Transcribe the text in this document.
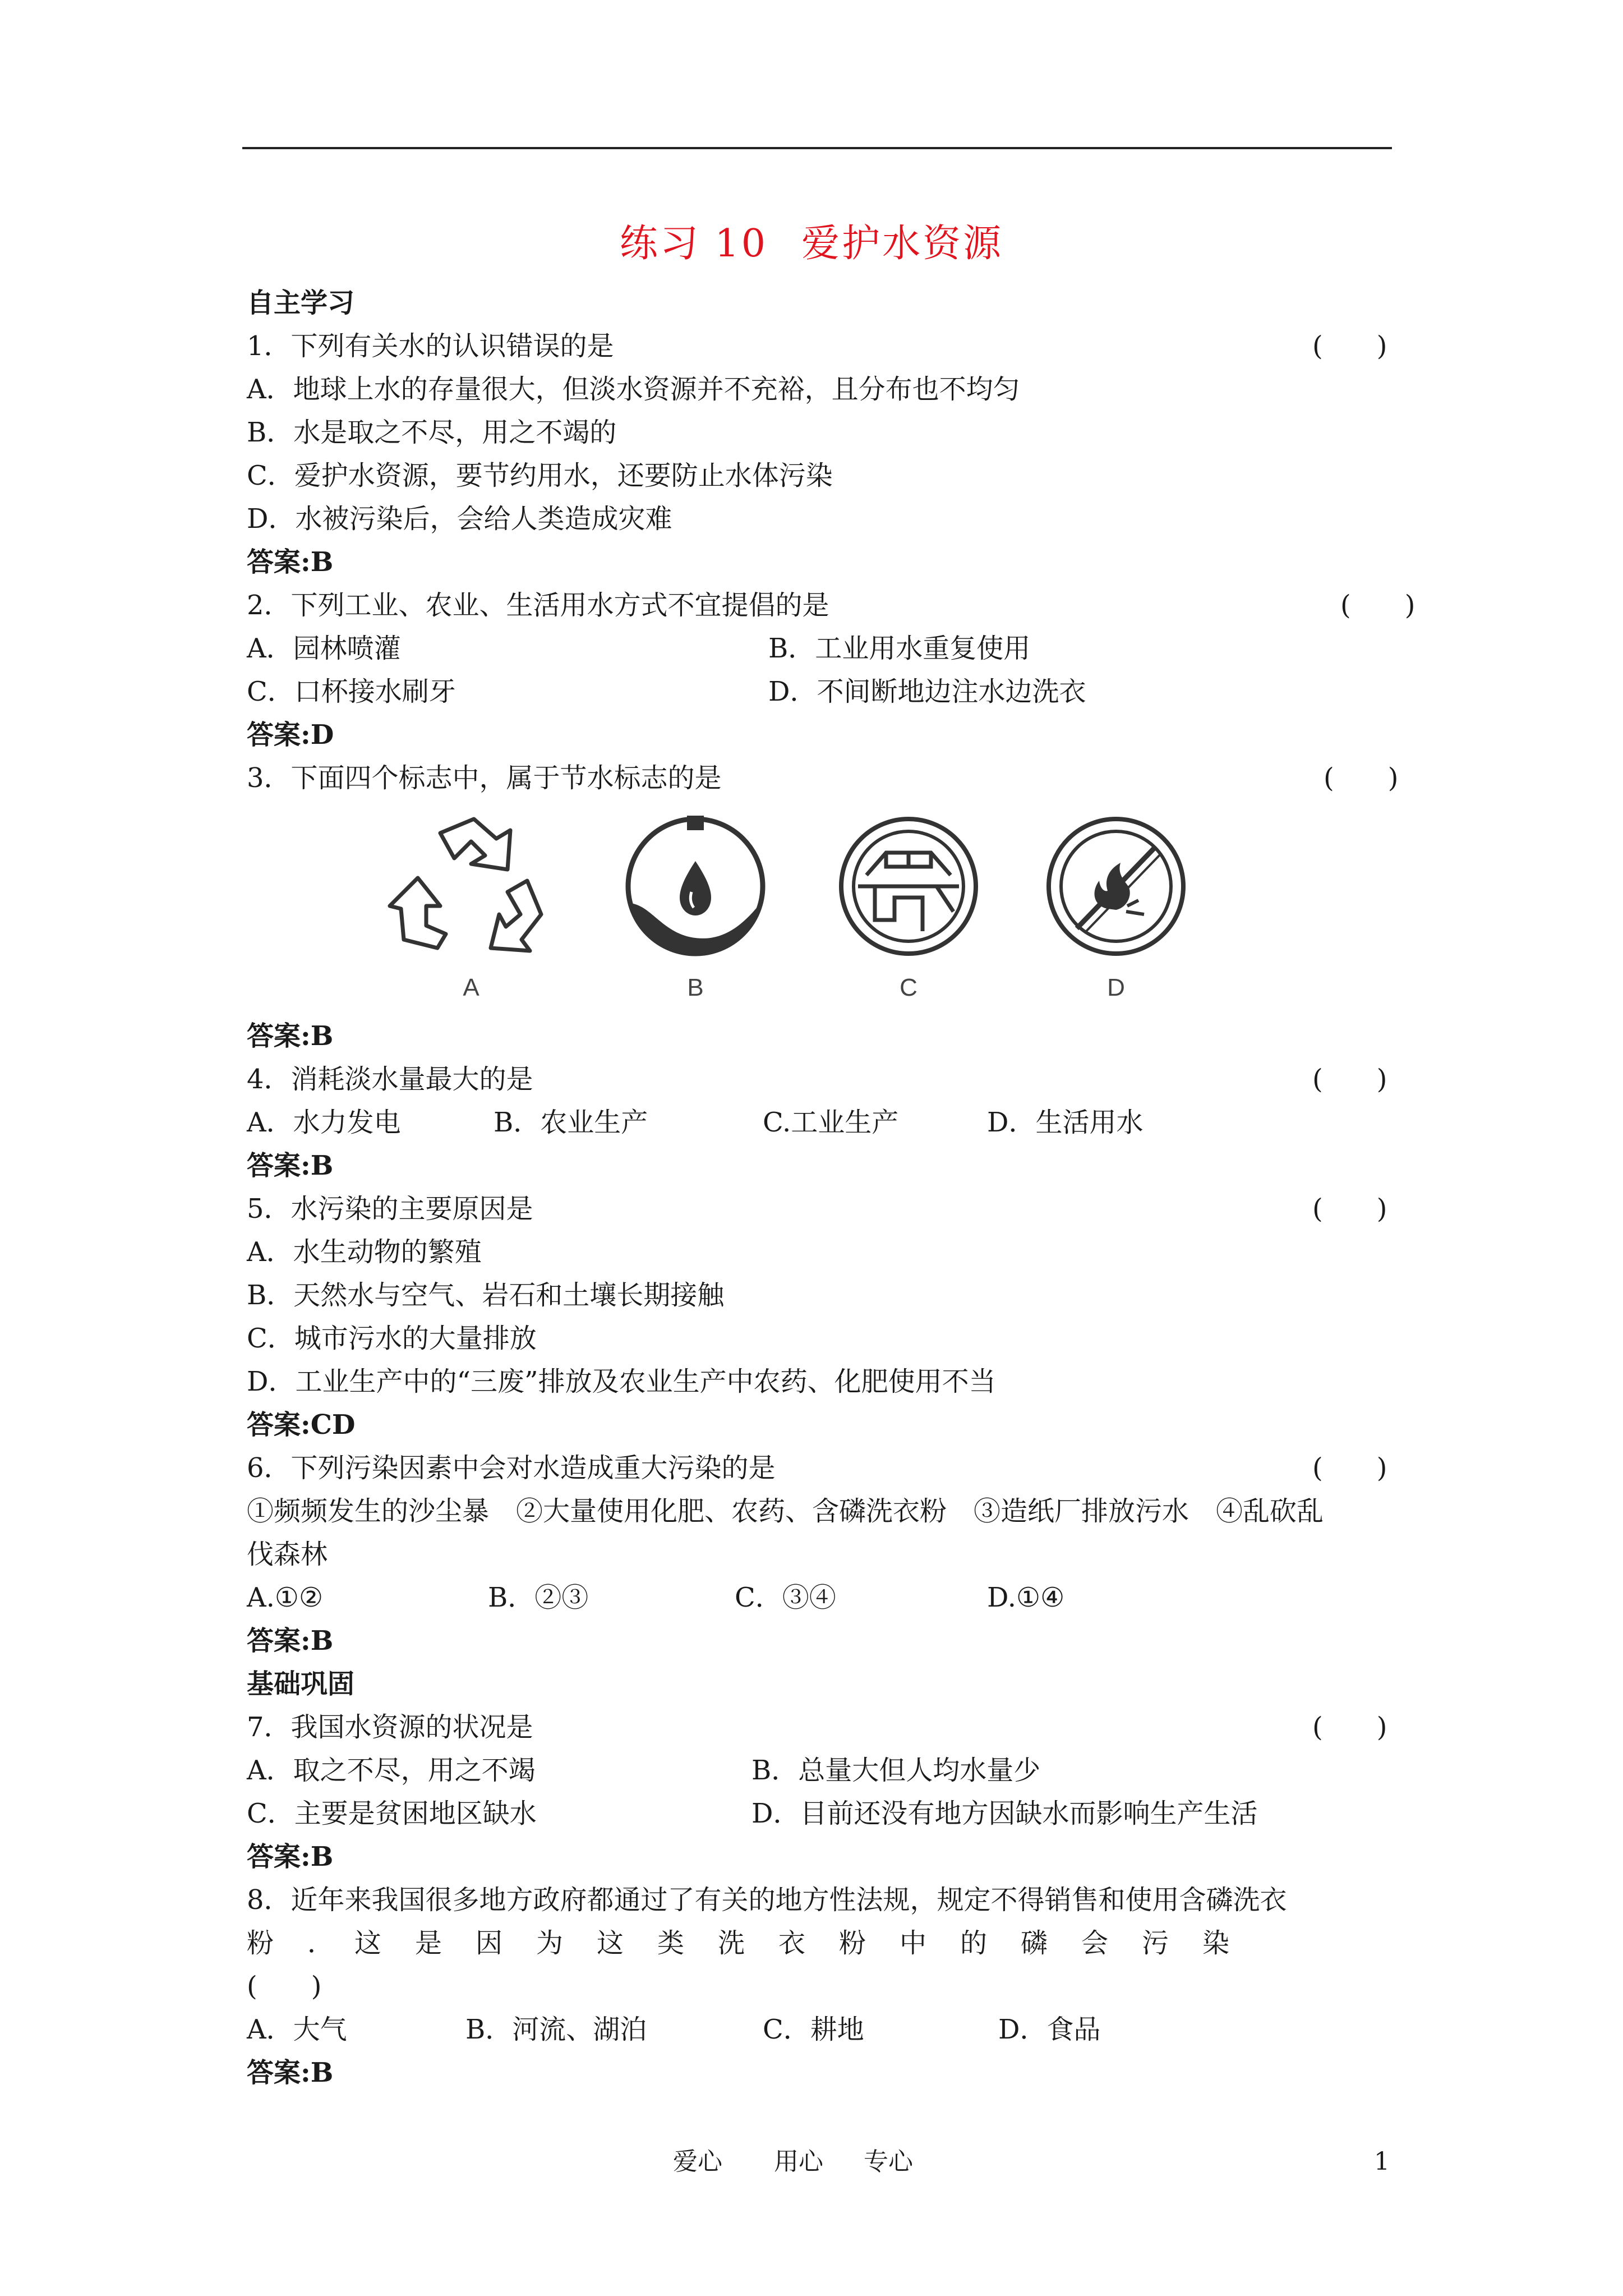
练习 10 爱护水资源
自主学习
1．下列有关水的认识错误的是	(　　)
A．地球上水的存量很大，但淡水资源并不充裕，且分布也不均匀
B．水是取之不尽，用之不竭的
C．爱护水资源，要节约用水，还要防止水体污染
D．水被污染后，会给人类造成灾难
答案:B
2．下列工业、农业、生活用水方式不宜提倡的是	(　　)
A．园林喷灌	B．工业用水重复使用
C．口杯接水刷牙	D．不间断地边注水边洗衣
答案:D
3．下面四个标志中，属于节水标志的是	(　　)
A	B	C	D
答案:B
4．消耗淡水量最大的是	(　　)
A．水力发电	B．农业生产	C.工业生产	D．生活用水
答案:B
5．水污染的主要原因是	(　　)
A．水生动物的繁殖
B．天然水与空气、岩石和土壤长期接触
C．城市污水的大量排放
D．工业生产中的“三废”排放及农业生产中农药、化肥使用不当
答案:CD
6．下列污染因素中会对水造成重大污染的是	(　　)
①频频发生的沙尘暴　②大量使用化肥、农药、含磷洗衣粉　③造纸厂排放污水　④乱砍乱
伐森林
A.①②	B．②③	C．③④	D.①④
答案:B
基础巩固
7．我国水资源的状况是	(　　)
A．取之不尽，用之不竭	B．总量大但人均水量少
C．主要是贫困地区缺水	D．目前还没有地方因缺水而影响生产生活
答案:B
8．近年来我国很多地方政府都通过了有关的地方性法规，规定不得销售和使用含磷洗衣
粉　．　这　是　因　为　这　类　洗　衣　粉　中　的　磷　会　污　染
(　　)
A．大气	B．河流、湖泊	C．耕地	D．食品
答案:B
爱心 用心 专心	1
